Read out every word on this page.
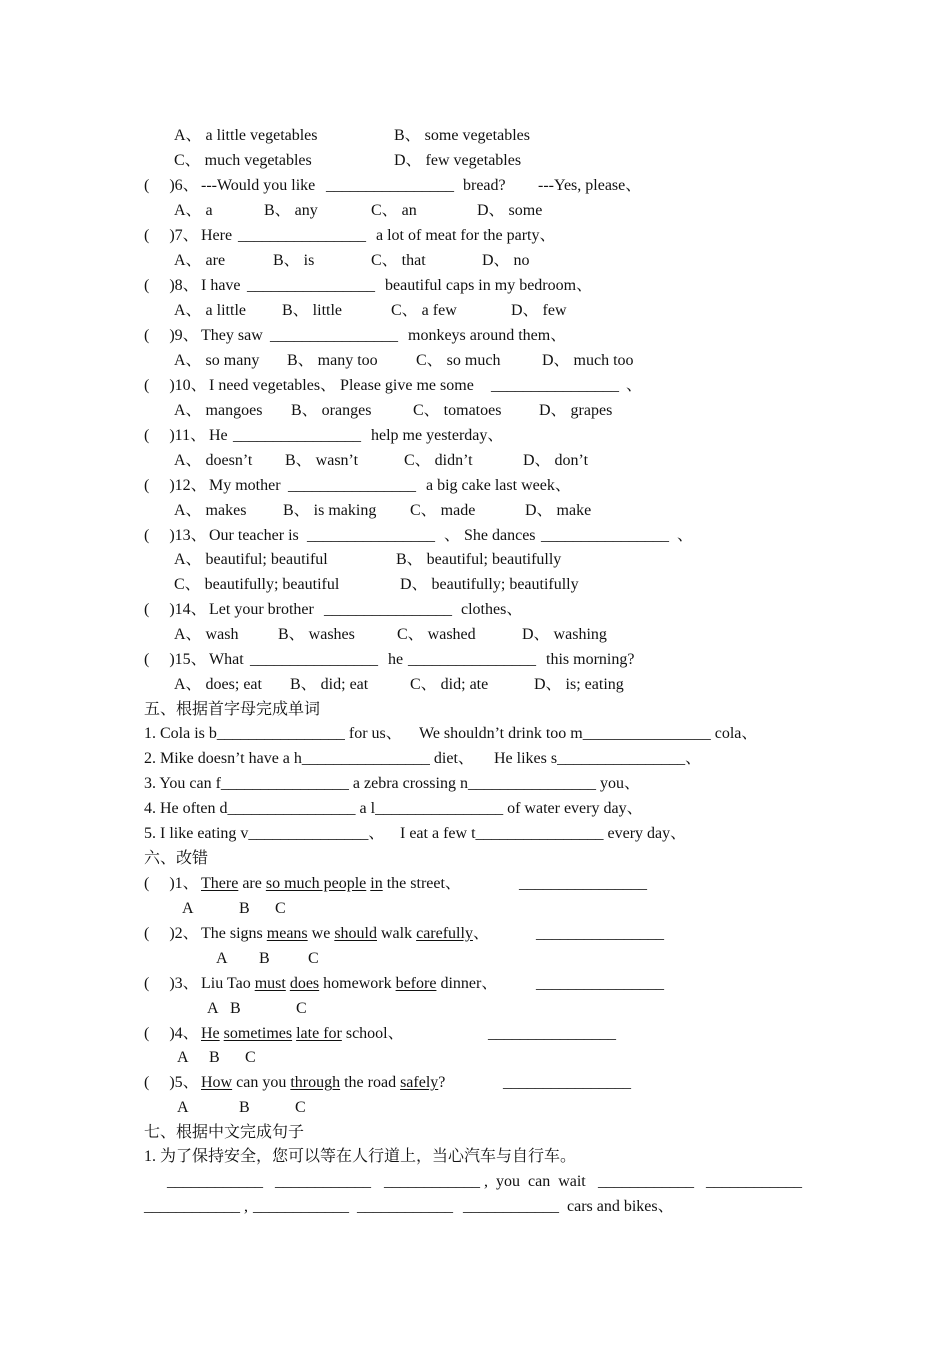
A、 a little vegetables

	B、 some vegetables

C、 much vegetables

	D、 few vegetables

(     )6、

---Would you like

________________

bread?

---Yes, please、

A、 a

	B、 any

	C、 an

	D、 some

(     )7、

Here

________________

a lot of meat for the party、

A、 are

	B、 is

	C、 that

	D、 no

(     )8、

I have

________________

beautiful caps in my bedroom、

A、 a little

B、 little

	C、 a few

	D、 few

(     )9、

They saw

________________

monkeys around them、

A、 so many

B、 many too

C、 so much

	D、 much too

(     )10、

I need vegetables、 Please give me some

________________

、

A、 mangoes

B、 oranges

	C、 tomatoes

D、 grapes

(     )11、

He

________________

help me yesterday、

A、 doesn’t

B、 wasn’t

	C、 didn’t

	D、 don’t

(     )12、

My mother

________________

a big cake last week、

A、 makes

B、 is making

C、 made

	D、 make

(     )13、

Our teacher is

________________

、 She dances

________________

、

A、 beautiful; beautiful

	B、 beautiful; beautifully

C、 beautifully; beautiful

	D、 beautifully; beautifully

(     )14、

Let your brother

________________

clothes、

A、 wash

B、 washes

	C、 washed

	D、 washing

(     )15、

What

________________

he

________________

this morning?

A、 does; eat

B、 did; eat

	C、 did; ate

	D、 is; eating

五、根据首字母完成单词

1. Cola is b________________ for us、

We shouldn’t drink too m________________ cola、

2. Mike doesn’t have a h________________ diet、

He likes s________________、

3. You can f________________ a zebra crossing n________________ you、

4. He often d________________ a l________________ of water every day、

5. I like eating v_______________、

I eat a few t________________ every day、

六、改错

(     )1、

There are so much people in the street、

	________________

A

	B

C

(     )2、

The signs means we should walk carefully、

	________________

A

B

C

(     )3、

Liu Tao must does homework before dinner、

________________

A

B

	C

(     )4、

He sometimes late for school、

	________________

A

B

C

(     )5、

How can you through the road safely?

	________________

A

	B

	C

七、根据中文完成句子

1. 为了保持安全，您可以等在人行道上，当心汽车与自行车。

____________

____________

____________

,

you  can  wait

____________

____________

____________

,

____________

____________

____________

cars and bikes、
